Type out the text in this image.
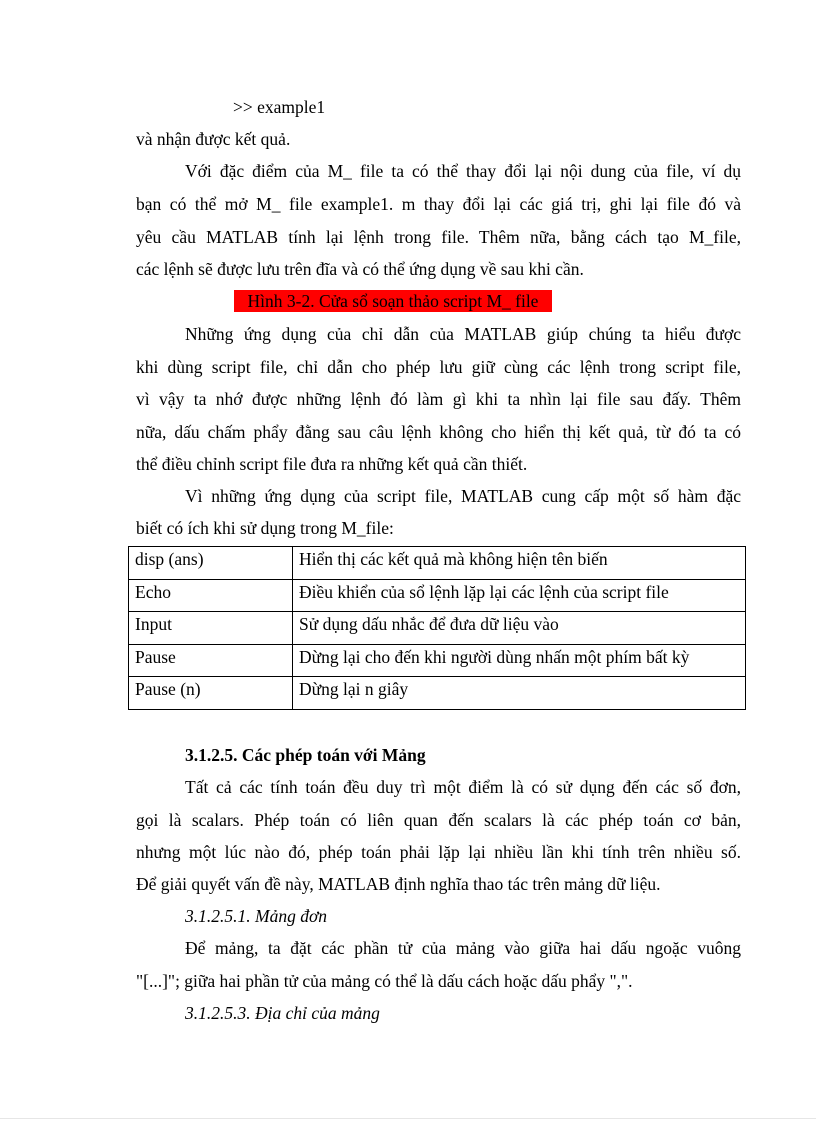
>> example1
và nhận được kết quả.
Với đặc điểm của M_ file ta có thể thay đổi lại nội dung của file, ví dụ
bạn có thể mở M_ file example1. m thay đổi lại các giá trị, ghi lại file đó và
yêu cầu MATLAB tính lại lệnh trong file. Thêm nữa, bằng cách tạo M_file,
các lệnh sẽ được lưu trên đĩa và có thể ứng dụng về sau khi cần.
Hình 3-2. Cửa sổ soạn thảo script M_ file
Những ứng dụng của chỉ dẫn của MATLAB giúp chúng ta hiểu được
khi dùng script file, chỉ dẫn cho phép lưu giữ cùng các lệnh trong script file,
vì vậy ta nhớ được những lệnh đó làm gì khi ta nhìn lại file sau đấy. Thêm
nữa, dấu chấm phẩy đằng sau câu lệnh không cho hiển thị kết quả, từ đó ta có
thể điều chỉnh script file đưa ra những kết quả cần thiết.
Vì những ứng dụng của script file, MATLAB cung cấp một số hàm đặc
biết có ích khi sử dụng trong M_file:
disp (ans)	Hiển thị các kết quả mà không hiện tên biến
Echo	Điều khiển của sổ lệnh lặp lại các lệnh của script file
Input	Sử dụng dấu nhắc để đưa dữ liệu vào
Pause	Dừng lại cho đến khi người dùng nhấn một phím bất kỳ
Pause (n)	Dừng lại n giây
3.1.2.5. Các phép toán với Mảng
Tất cả các tính toán đều duy trì một điểm là có sử dụng đến các số đơn,
gọi là scalars. Phép toán có liên quan đến scalars là các phép toán cơ bản,
nhưng một lúc nào đó, phép toán phải lặp lại nhiều lần khi tính trên nhiều số.
Để giải quyết vấn đề này, MATLAB định nghĩa thao tác trên mảng dữ liệu.
3.1.2.5.1. Mảng đơn
Để mảng, ta đặt các phần tử của mảng vào giữa hai dấu ngoặc vuông
"[...]"; giữa hai phần tử của mảng có thể là dấu cách hoặc dấu phẩy ",".
3.1.2.5.3. Địa chỉ của mảng
